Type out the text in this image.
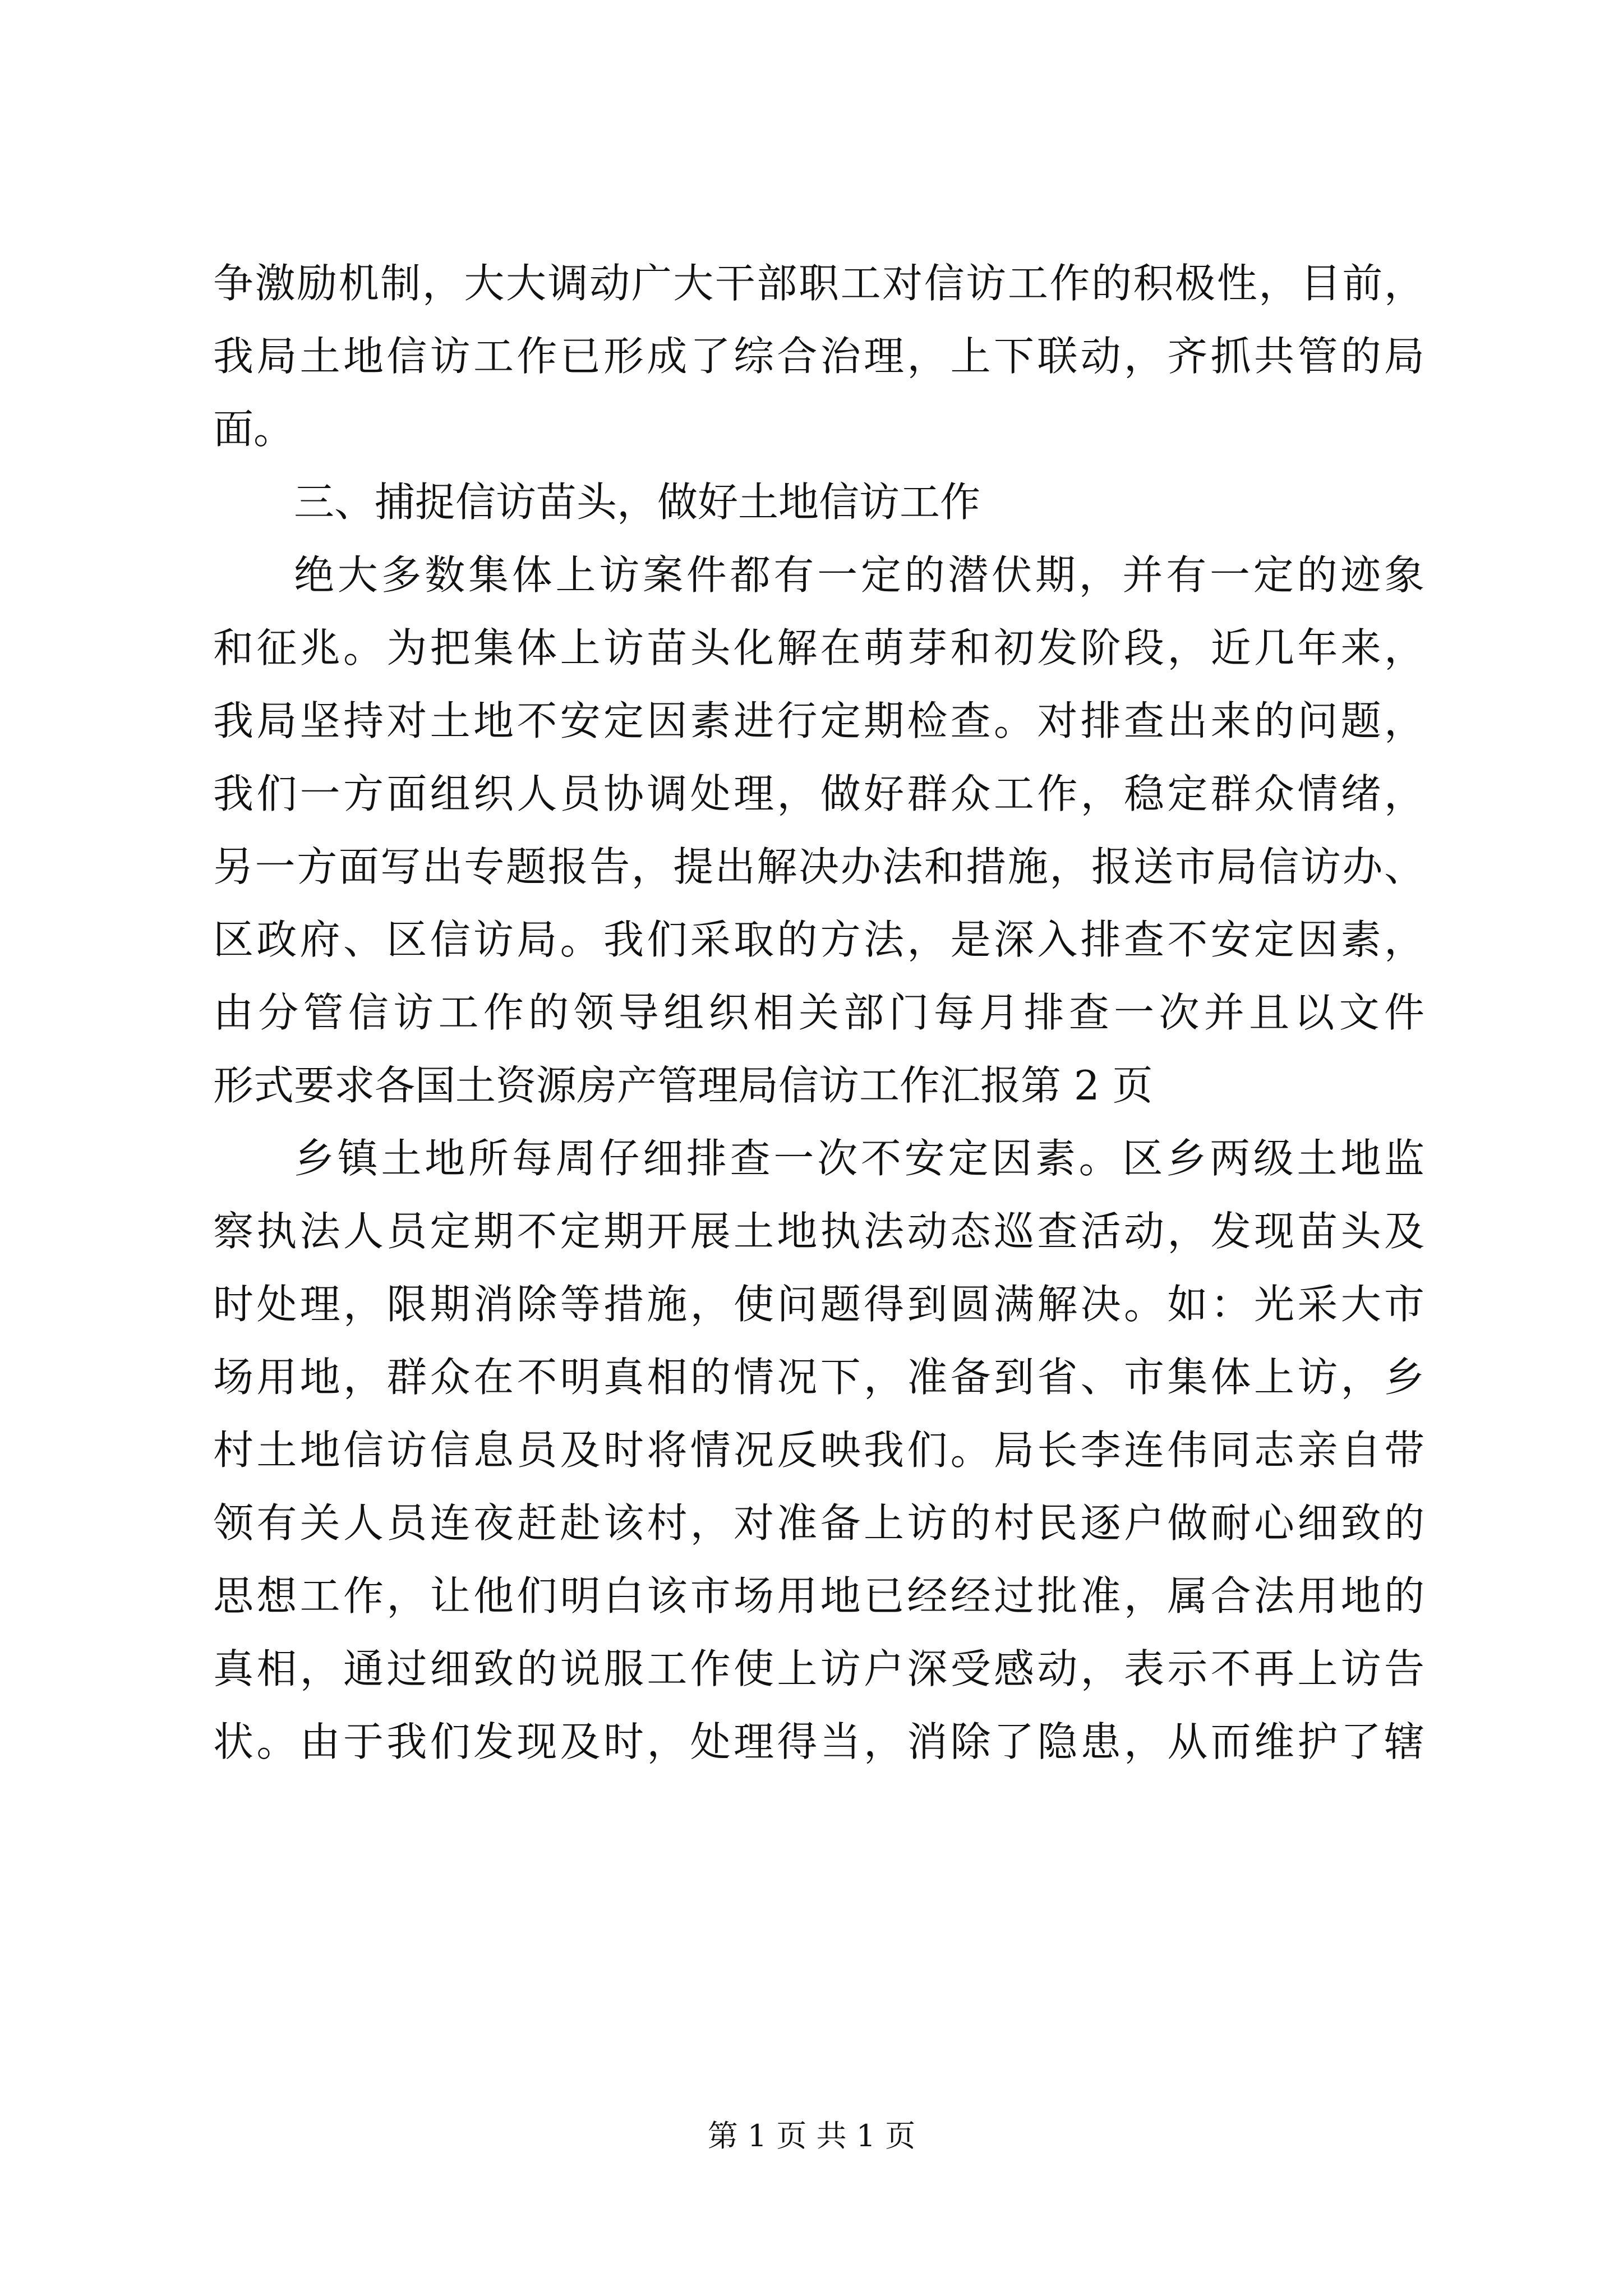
争激励机制，大大调动广大干部职工对信访工作的积极性，目前，
我局土地信访工作已形成了综合治理，上下联动，齐抓共管的局
面。
三、捕捉信访苗头，做好土地信访工作
绝大多数集体上访案件都有一定的潜伏期，并有一定的迹象
和征兆。为把集体上访苗头化解在萌芽和初发阶段，近几年来，
我局坚持对土地不安定因素进行定期检查。对排查出来的问题，
我们一方面组织人员协调处理，做好群众工作，稳定群众情绪，
另一方面写出专题报告，提出解决办法和措施，报送市局信访办、
区政府、区信访局。我们采取的方法，是深入排查不安定因素，
由分管信访工作的领导组织相关部门每月排查一次并且以文件
形式要求各国土资源房产管理局信访工作汇报第 2 页
乡镇土地所每周仔细排查一次不安定因素。区乡两级土地监
察执法人员定期不定期开展土地执法动态巡查活动，发现苗头及
时处理，限期消除等措施，使问题得到圆满解决。如：光采大市
场用地，群众在不明真相的情况下，准备到省、市集体上访，乡
村土地信访信息员及时将情况反映我们。局长李连伟同志亲自带
领有关人员连夜赶赴该村，对准备上访的村民逐户做耐心细致的
思想工作，让他们明白该市场用地已经经过批准，属合法用地的
真相，通过细致的说服工作使上访户深受感动，表示不再上访告
状。由于我们发现及时，处理得当，消除了隐患，从而维护了辖
第 1 页 共 1 页
